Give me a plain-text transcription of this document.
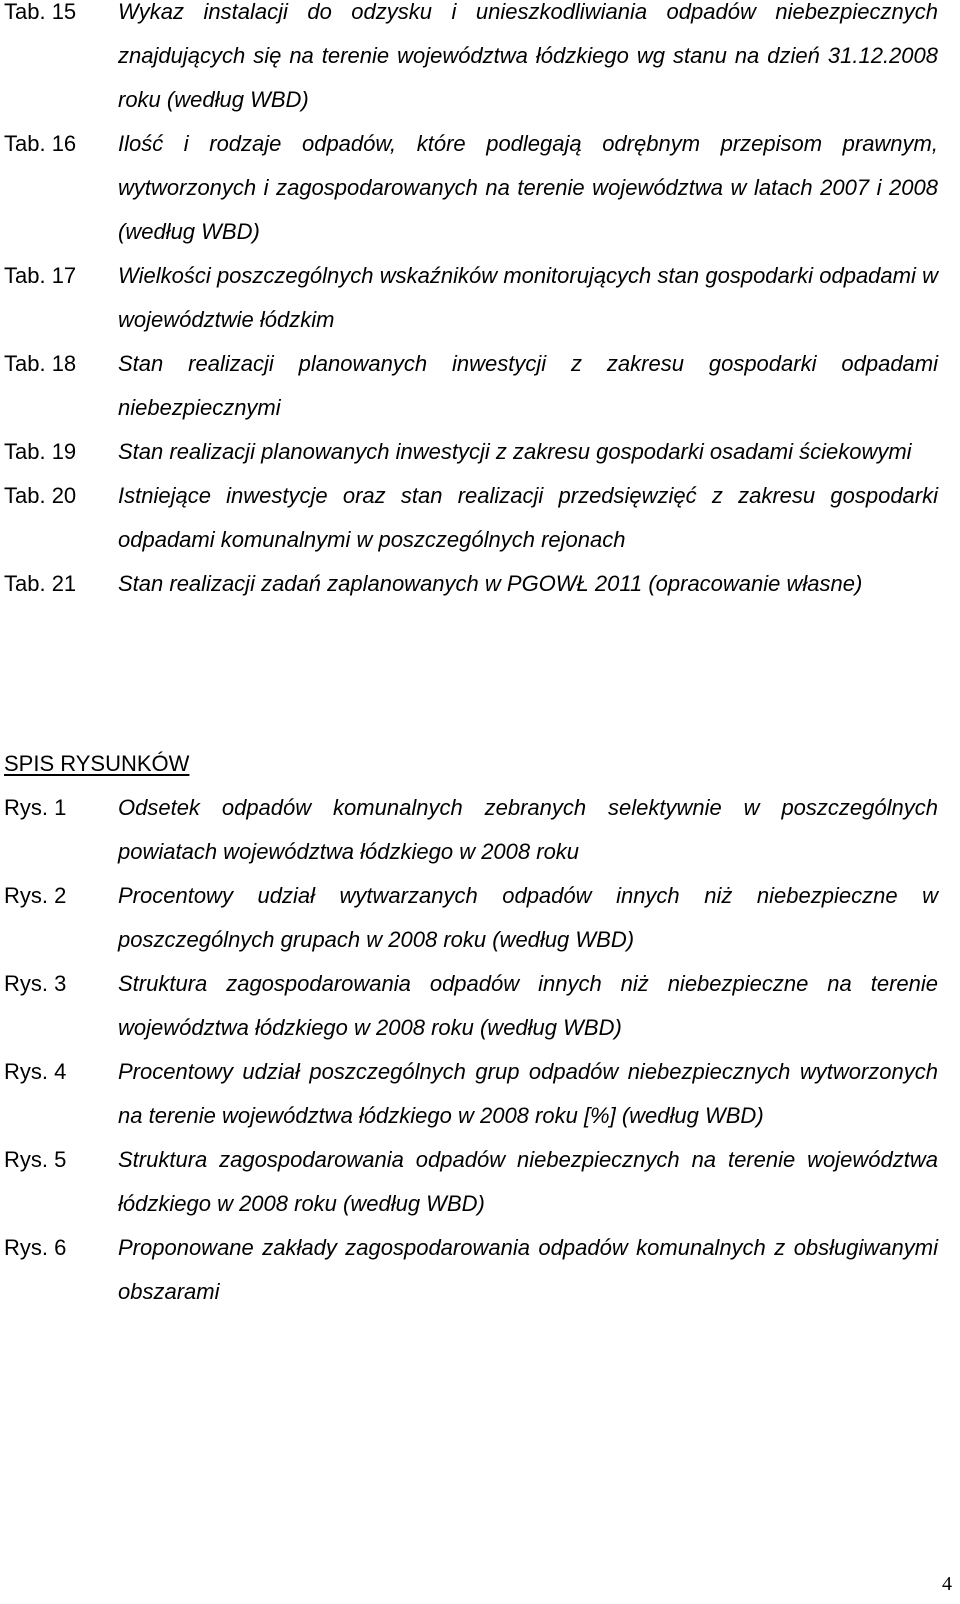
Tab. 15	Wykaz instalacji do odzysku i unieszkodliwiania odpadów niebezpiecznych znajdujących się na terenie województwa łódzkiego wg stanu na dzień 31.12.2008 roku (według WBD)
Tab. 16	Ilość i rodzaje odpadów, które podlegają odrębnym przepisom prawnym, wytworzonych i zagospodarowanych na terenie województwa w latach 2007 i 2008 (według WBD)
Tab. 17	Wielkości poszczególnych wskaźników monitorujących stan gospodarki odpadami w województwie łódzkim
Tab. 18	Stan realizacji planowanych inwestycji z zakresu gospodarki odpadami niebezpiecznymi
Tab. 19	Stan realizacji planowanych inwestycji z zakresu gospodarki osadami ściekowymi
Tab. 20	Istniejące inwestycje oraz stan realizacji przedsięwzięć z zakresu gospodarki odpadami komunalnymi w poszczególnych rejonach
Tab. 21	Stan realizacji zadań zaplanowanych w PGOWŁ 2011 (opracowanie własne)
SPIS RYSUNKÓW
Rys. 1	Odsetek odpadów komunalnych zebranych selektywnie w poszczególnych powiatach województwa łódzkiego w 2008 roku
Rys. 2	Procentowy udział wytwarzanych odpadów innych niż niebezpieczne w poszczególnych grupach w 2008 roku (według WBD)
Rys. 3	Struktura zagospodarowania odpadów innych niż niebezpieczne na terenie województwa łódzkiego w 2008 roku (według WBD)
Rys. 4	Procentowy udział poszczególnych grup odpadów niebezpiecznych wytworzonych na terenie województwa łódzkiego w 2008 roku [%] (według WBD)
Rys. 5	Struktura zagospodarowania odpadów niebezpiecznych na terenie województwa łódzkiego w 2008 roku (według WBD)
Rys. 6	Proponowane zakłady zagospodarowania odpadów komunalnych z obsługiwanymi obszarami
4
